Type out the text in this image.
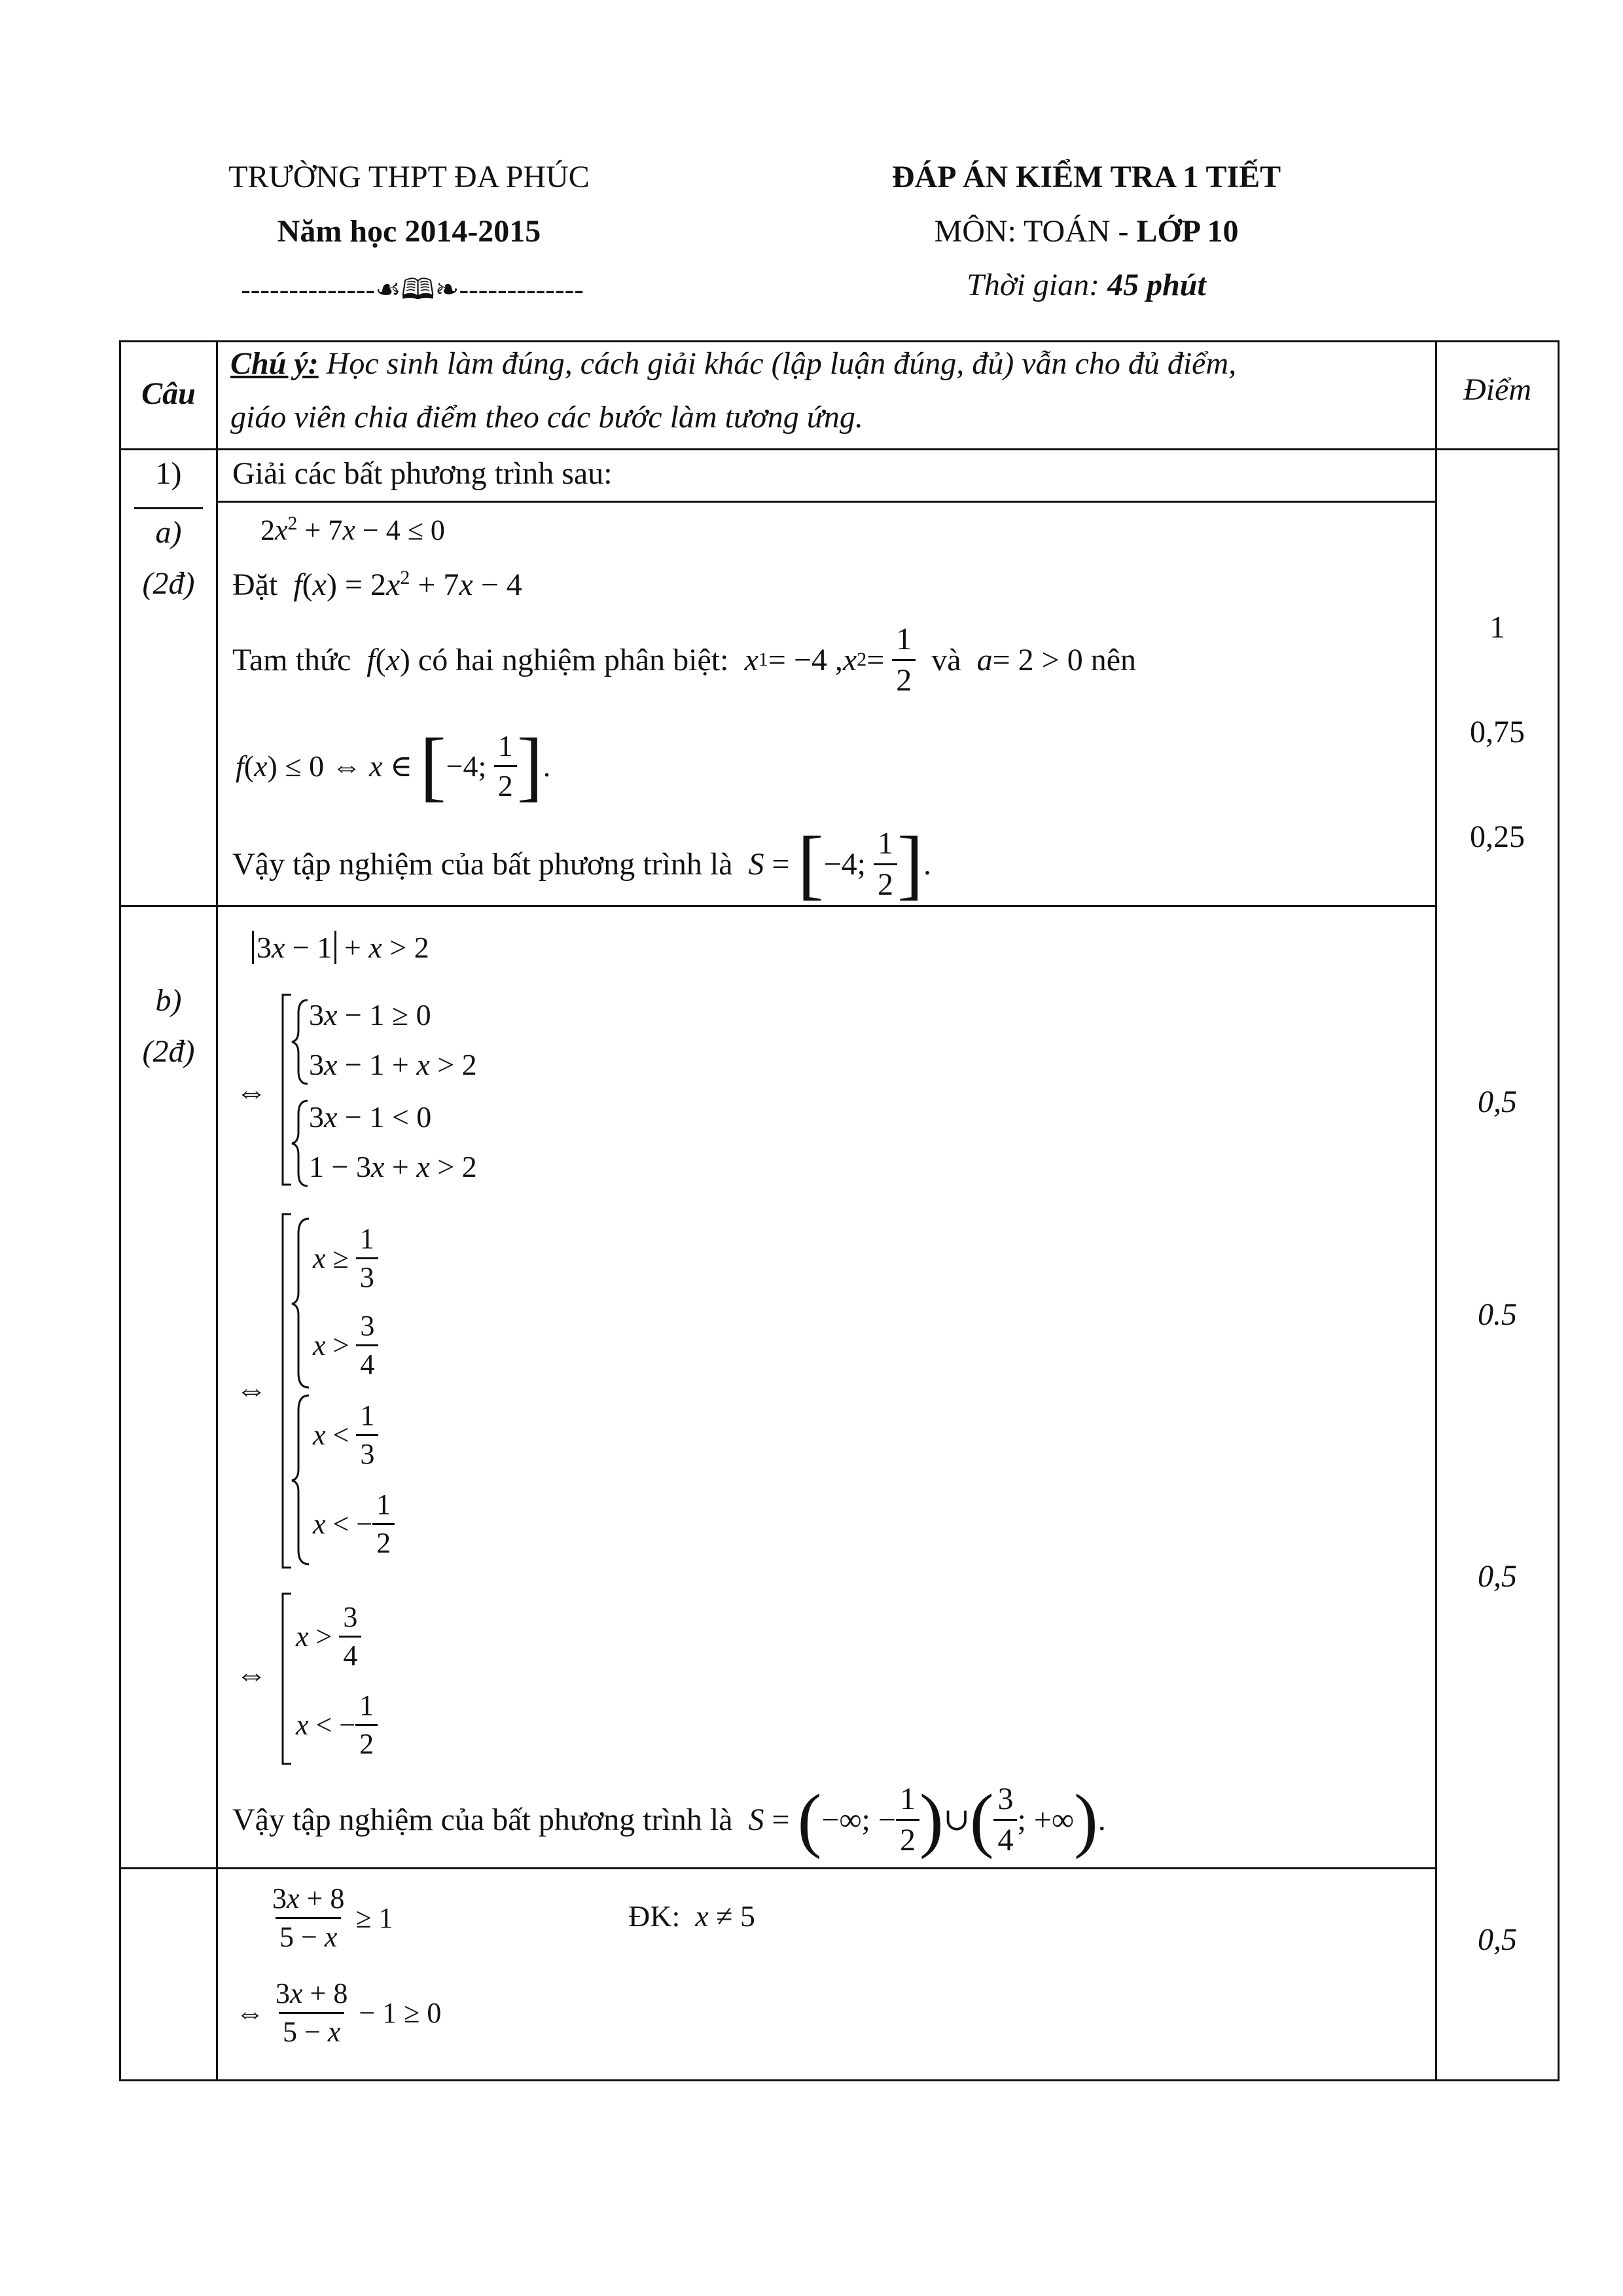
TRƯỜNG THPT ĐA PHÚC
Năm học 2014-2015
--------------☙🕮❧-------------
ĐÁP ÁN KIỂM TRA 1 TIẾT
MÔN: TOÁN - LỚP 10
Thời gian: 45 phút
Câu
Chú ý: Học sinh làm đúng, cách giải khác (lập luận đúng, đủ) vẫn cho đủ điểm,
giáo viên chia điểm theo các bước làm tương ứng.
Điểm
1)	Giải các bất phương trình sau:
a)
(2đ)
$2x^2 + 7x - 4 \le 0$
Đặt $f(x) = 2x^2 + 7x - 4$
Tam thức
f ( x ) có hai nghiệm phân biệt:
x 1 = −4 , x $2 = \frac{1}{2}$
và
a = 2 > 0 nên
f ( x ) ≤ 0 ⇔ x ∈ [ −4; $\frac{1}{2}$ ] .
Vậy tập nghiệm của bất phương trình là
S = [ −4; $\frac{1}{2}$ ] .
1
0,75
0,25
b)
(2đ)
3x − 1 + x > 2
⇔
3x − 1 ≥ 0
3x − 1 + x > 2
3x − 1 < 0
1 − 3x + x > 2
⇔
$x \ge \frac{1}{3}$
$x > \frac{3}{4}$
$x < \frac{1}{3}$
x < − $\frac{1}{2}$
⇔
$x > \frac{3}{4}$
x < − $\frac{1}{2}$
Vậy tập nghiệm của bất phương trình là
S = ( −∞; − $\frac{1}{2}$ ) ∪ ( $\frac{3}{4}$ ; +∞ ) .
0,5
0.5
0,5
$\frac{3x + 8}{5 - x} \ge 1$	ĐK: x ≠ 5
⇔ $\frac{3x + 8}{5 - x} - 1 \ge 0$
0,5
